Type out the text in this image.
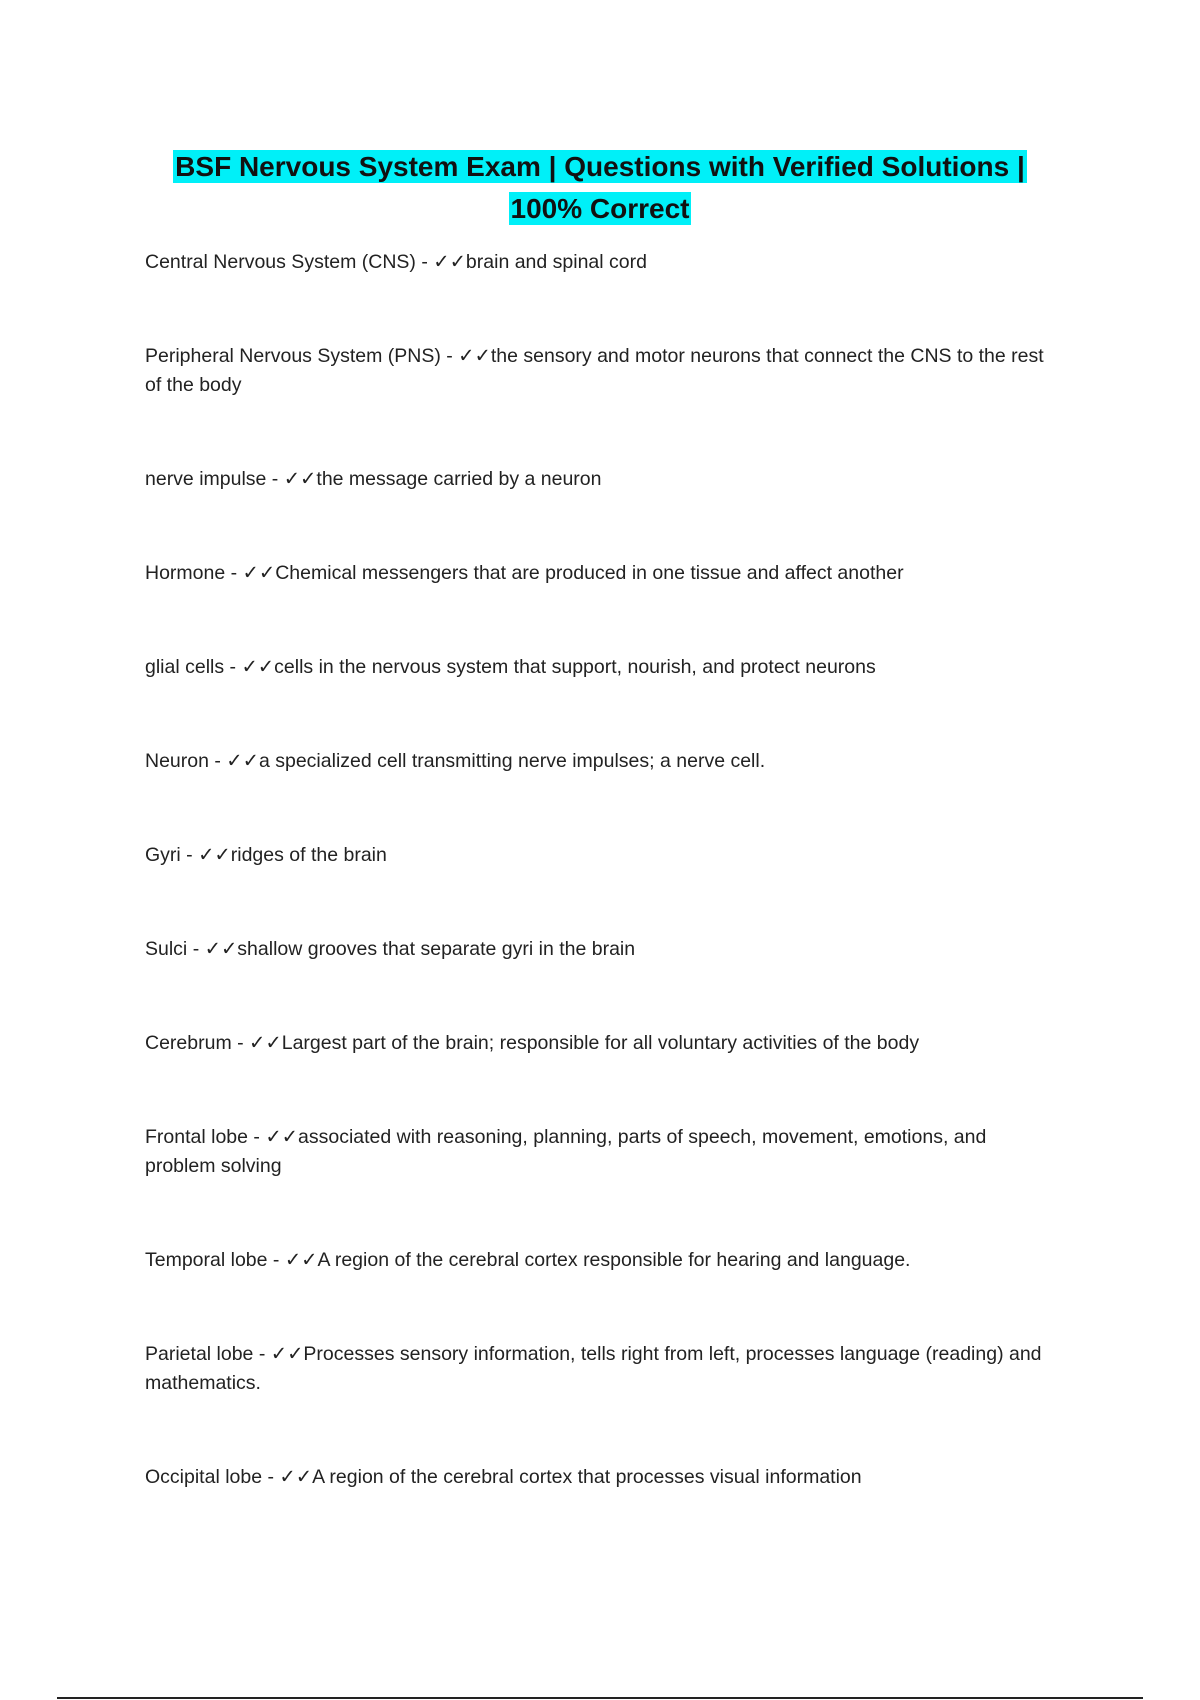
BSF Nervous System Exam | Questions with Verified Solutions |
100% Correct
Central Nervous System (CNS) - ✓✓brain and spinal cord
Peripheral Nervous System (PNS) - ✓✓the sensory and motor neurons that connect the CNS to the rest of the body
nerve impulse - ✓✓the message carried by a neuron
Hormone - ✓✓Chemical messengers that are produced in one tissue and affect another
glial cells - ✓✓cells in the nervous system that support, nourish, and protect neurons
Neuron - ✓✓a specialized cell transmitting nerve impulses; a nerve cell.
Gyri - ✓✓ridges of the brain
Sulci - ✓✓shallow grooves that separate gyri in the brain
Cerebrum - ✓✓Largest part of the brain; responsible for all voluntary activities of the body
Frontal lobe - ✓✓associated with reasoning, planning, parts of speech, movement, emotions, and problem solving
Temporal lobe - ✓✓A region of the cerebral cortex responsible for hearing and language.
Parietal lobe - ✓✓Processes sensory information, tells right from left, processes language (reading) and mathematics.
Occipital lobe - ✓✓A region of the cerebral cortex that processes visual information
